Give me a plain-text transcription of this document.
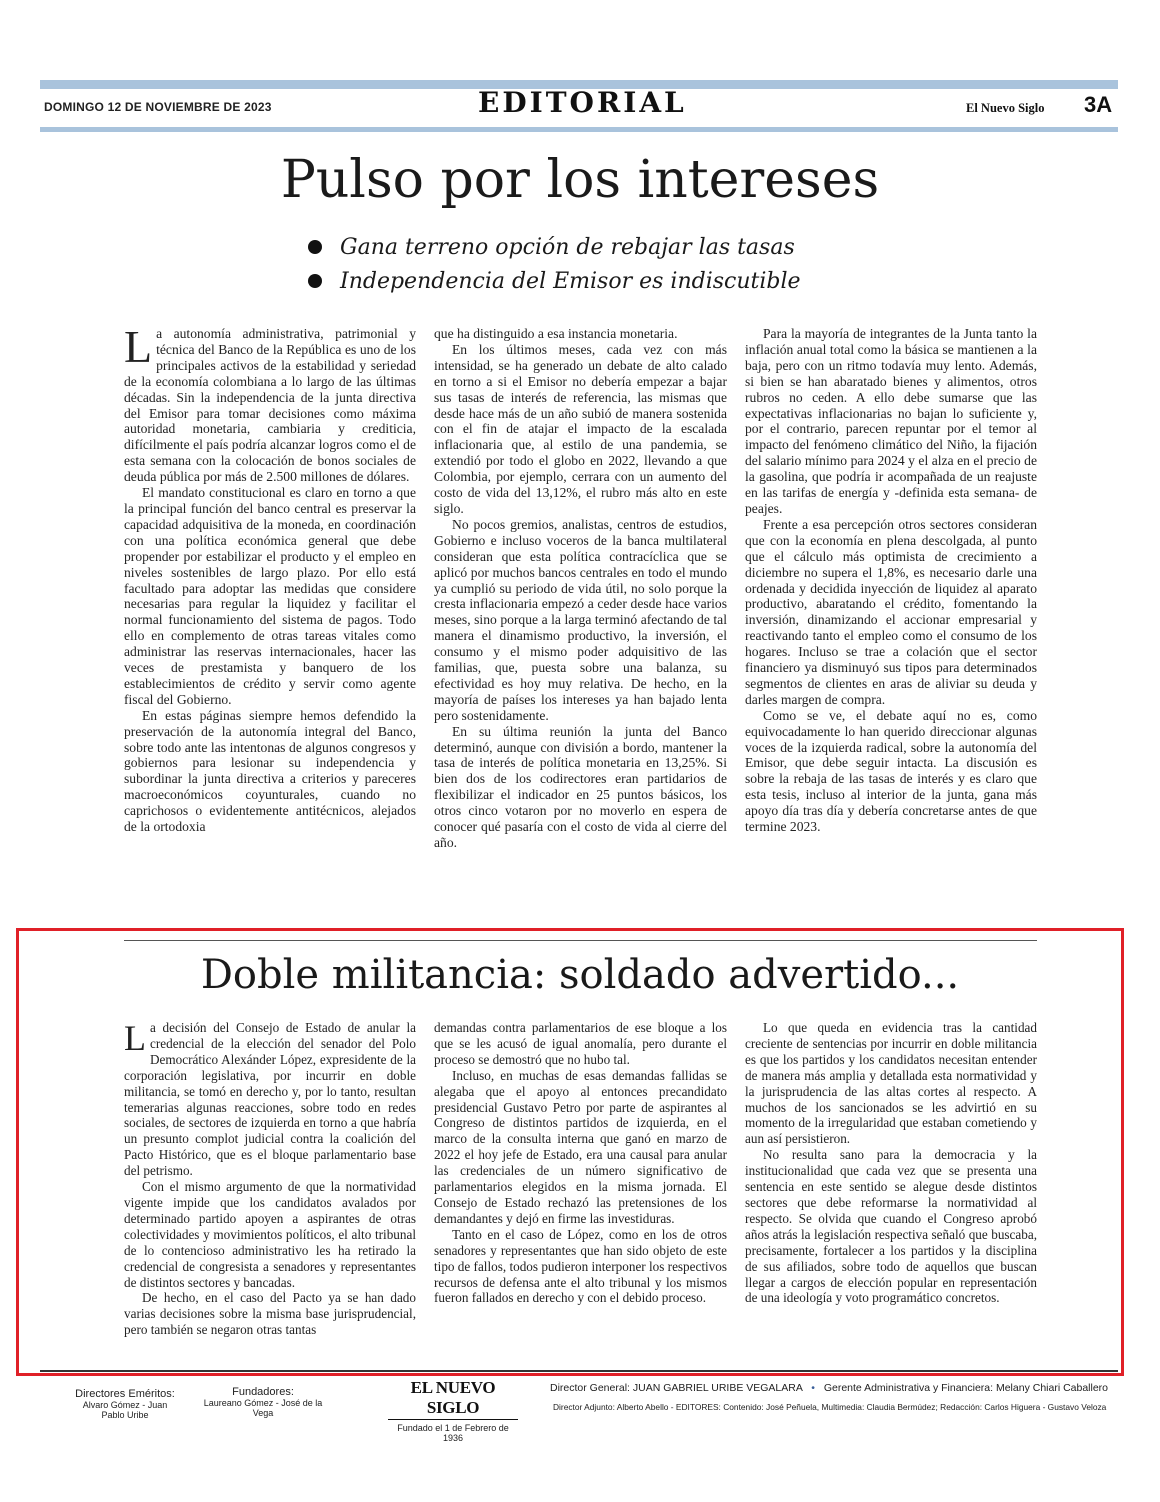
DOMINGO 12 DE NOVIEMBRE DE 2023	EDITORIAL	El Nuevo Siglo 3A
Pulso por los intereses
Gana terreno opción de rebajar las tasas
Independencia del Emisor es indiscutible

La autonomía administrativa, patrimonial y técnica del Banco de la República es uno de los principales activos de la estabilidad y seriedad de la economía colombiana a lo largo de las últimas décadas. Sin la independencia de la junta directiva del Emisor para tomar decisiones como máxima autoridad monetaria, cambiaria y crediticia, difícilmente el país podría alcanzar logros como el de esta semana con la colocación de bonos sociales de deuda pública por más de 2.500 millones de dólares.

El mandato constitucional es claro en torno a que la principal función del banco central es preservar la capacidad adquisitiva de la moneda, en coordinación con una política económica general que debe propender por estabilizar el producto y el empleo en niveles sostenibles de largo plazo. Por ello está facultado para adoptar las medidas que considere necesarias para regular la liquidez y facilitar el normal funcionamiento del sistema de pagos. Todo ello en complemento de otras tareas vitales como administrar las reservas internacionales, hacer las veces de prestamista y banquero de los establecimientos de crédito y servir como agente fiscal del Gobierno.

En estas páginas siempre hemos defendido la preservación de la autonomía integral del Banco, sobre todo ante las intentonas de algunos congresos y gobiernos para lesionar su independencia y subordinar la junta directiva a criterios y pareceres macroeconómicos coyunturales, cuando no caprichosos o evidentemente antitécnicos, alejados de la ortodoxia

que ha distinguido a esa instancia monetaria.

En los últimos meses, cada vez con más intensidad, se ha generado un debate de alto calado en torno a si el Emisor no debería empezar a bajar sus tasas de interés de referencia, las mismas que desde hace más de un año subió de manera sostenida con el fin de atajar el impacto de la escalada inflacionaria que, al estilo de una pandemia, se extendió por todo el globo en 2022, llevando a que Colombia, por ejemplo, cerrara con un aumento del costo de vida del 13,12%, el rubro más alto en este siglo.

No pocos gremios, analistas, centros de estudios, Gobierno e incluso voceros de la banca multilateral consideran que esta política contracíclica que se aplicó por muchos bancos centrales en todo el mundo ya cumplió su periodo de vida útil, no solo porque la cresta inflacionaria empezó a ceder desde hace varios meses, sino porque a la larga terminó afectando de tal manera el dinamismo productivo, la inversión, el consumo y el mismo poder adquisitivo de las familias, que, puesta sobre una balanza, su efectividad es hoy muy relativa. De hecho, en la mayoría de países los intereses ya han bajado lenta pero sostenidamente.

En su última reunión la junta del Banco determinó, aunque con división a bordo, mantener la tasa de interés de política monetaria en 13,25%. Si bien dos de los codirectores eran partidarios de flexibilizar el indicador en 25 puntos básicos, los otros cinco votaron por no moverlo en espera de conocer qué pasaría con el costo de vida al cierre del año.

Para la mayoría de integrantes de la Junta tanto la inflación anual total como la básica se mantienen a la baja, pero con un ritmo todavía muy lento. Además, si bien se han abaratado bienes y alimentos, otros rubros no ceden. A ello debe sumarse que las expectativas inflacionarias no bajan lo suficiente y, por el contrario, parecen repuntar por el temor al impacto del fenómeno climático del Niño, la fijación del salario mínimo para 2024 y el alza en el precio de la gasolina, que podría ir acompañada de un reajuste en las tarifas de energía y -definida esta semana- de peajes.

Frente a esa percepción otros sectores consideran que con la economía en plena descolgada, al punto que el cálculo más optimista de crecimiento a diciembre no supera el 1,8%, es necesario darle una ordenada y decidida inyección de liquidez al aparato productivo, abaratando el crédito, fomentando la inversión, dinamizando el accionar empresarial y reactivando tanto el empleo como el consumo de los hogares. Incluso se trae a colación que el sector financiero ya disminuyó sus tipos para determinados segmentos de clientes en aras de aliviar su deuda y darles margen de compra.

Como se ve, el debate aquí no es, como equivocadamente lo han querido direccionar algunas voces de la izquierda radical, sobre la autonomía del Emisor, que debe seguir intacta. La discusión es sobre la rebaja de las tasas de interés y es claro que esta tesis, incluso al interior de la junta, gana más apoyo día tras día y debería concretarse antes de que termine 2023.

Doble militancia: soldado advertido...

La decisión del Consejo de Estado de anular la credencial de la elección del senador del Polo Democrático Alexánder López, expresidente de la corporación legislativa, por incurrir en doble militancia, se tomó en derecho y, por lo tanto, resultan temerarias algunas reacciones, sobre todo en redes sociales, de sectores de izquierda en torno a que habría un presunto complot judicial contra la coalición del Pacto Histórico, que es el bloque parlamentario base del petrismo.

Con el mismo argumento de que la normatividad vigente impide que los candidatos avalados por determinado partido apoyen a aspirantes de otras colectividades y movimientos políticos, el alto tribunal de lo contencioso administrativo les ha retirado la credencial de congresista a senadores y representantes de distintos sectores y bancadas.

De hecho, en el caso del Pacto ya se han dado varias decisiones sobre la misma base jurisprudencial, pero también se negaron otras tantas

demandas contra parlamentarios de ese bloque a los que se les acusó de igual anomalía, pero durante el proceso se demostró que no hubo tal.

Incluso, en muchas de esas demandas fallidas se alegaba que el apoyo al entonces precandidato presidencial Gustavo Petro por parte de aspirantes al Congreso de distintos partidos de izquierda, en el marco de la consulta interna que ganó en marzo de 2022 el hoy jefe de Estado, era una causal para anular las credenciales de un número significativo de parlamentarios elegidos en la misma jornada. El Consejo de Estado rechazó las pretensiones de los demandantes y dejó en firme las investiduras.

Tanto en el caso de López, como en los de otros senadores y representantes que han sido objeto de este tipo de fallos, todos pudieron interponer los respectivos recursos de defensa ante el alto tribunal y los mismos fueron fallados en derecho y con el debido proceso.

Lo que queda en evidencia tras la cantidad creciente de sentencias por incurrir en doble militancia es que los partidos y los candidatos necesitan entender de manera más amplia y detallada esta normatividad y la jurisprudencia de las altas cortes al respecto. A muchos de los sancionados se les advirtió en su momento de la irregularidad que estaban cometiendo y aun así persistieron.

No resulta sano para la democracia y la institucionalidad que cada vez que se presenta una sentencia en este sentido se alegue desde distintos sectores que debe reformarse la normatividad al respecto. Se olvida que cuando el Congreso aprobó años atrás la legislación respectiva señaló que buscaba, precisamente, fortalecer a los partidos y la disciplina de sus afiliados, sobre todo de aquellos que buscan llegar a cargos de elección popular en representación de una ideología y voto programático concretos.

Directores Eméritos:
Alvaro Gómez - Juan Pablo Uribe
Fundadores:
Laureano Gómez - José de la Vega
EL NUEVO SIGLO
Fundado el 1 de Febrero de 1936
Director General: JUAN GABRIEL URIBE VEGALARA • Gerente Administrativa y Financiera: Melany Chiari Caballero
Director Adjunto: Alberto Abello - EDITORES: Contenido: José Peñuela, Multimedia: Claudia Bermúdez; Redacción: Carlos Higuera - Gustavo Veloza
